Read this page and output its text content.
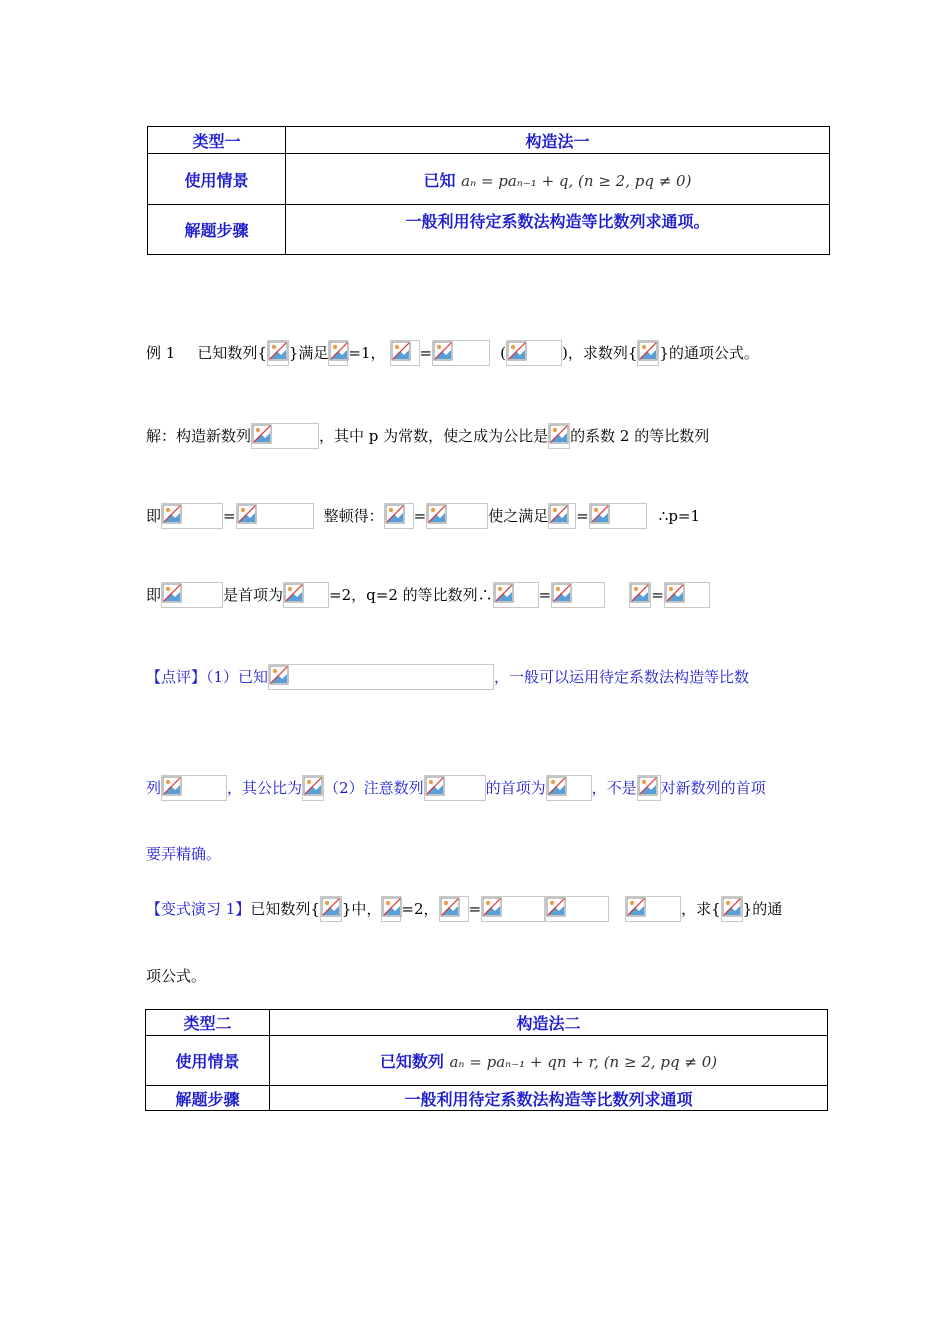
类型一	构造法一
使用情景	已知 aₙ = paₙ₋₁ + q, (n ≥ 2, pq ≠ 0)
解题步骤	一般利用待定系数法构造等比数列求通项。
例 1 已知数列{ }满足 =1， =	(	)，求数列{ }的通项公式。
解：构造新数列	，其中 p 为常数，使之成为公比是 的系数 2 的等比数列
即	=	整顿得： =	使之满足 =	∴p=1
即	是首项为	=2，q=2 的等比数列∴	=	=
【点评】（1）已知	，一般可以运用待定系数法构造等比数
列	，其公比为 （2）注意数列	的首项为	，不是 对新数列的首项
要弄精确。
【变式演习 1】已知数列{ }中， =2， =	，求{ }的通
项公式。
类型二	构造法二
使用情景	已知数列 aₙ = paₙ₋₁ + qn + r, (n ≥ 2, pq ≠ 0)
解题步骤	一般利用待定系数法构造等比数列求通项
